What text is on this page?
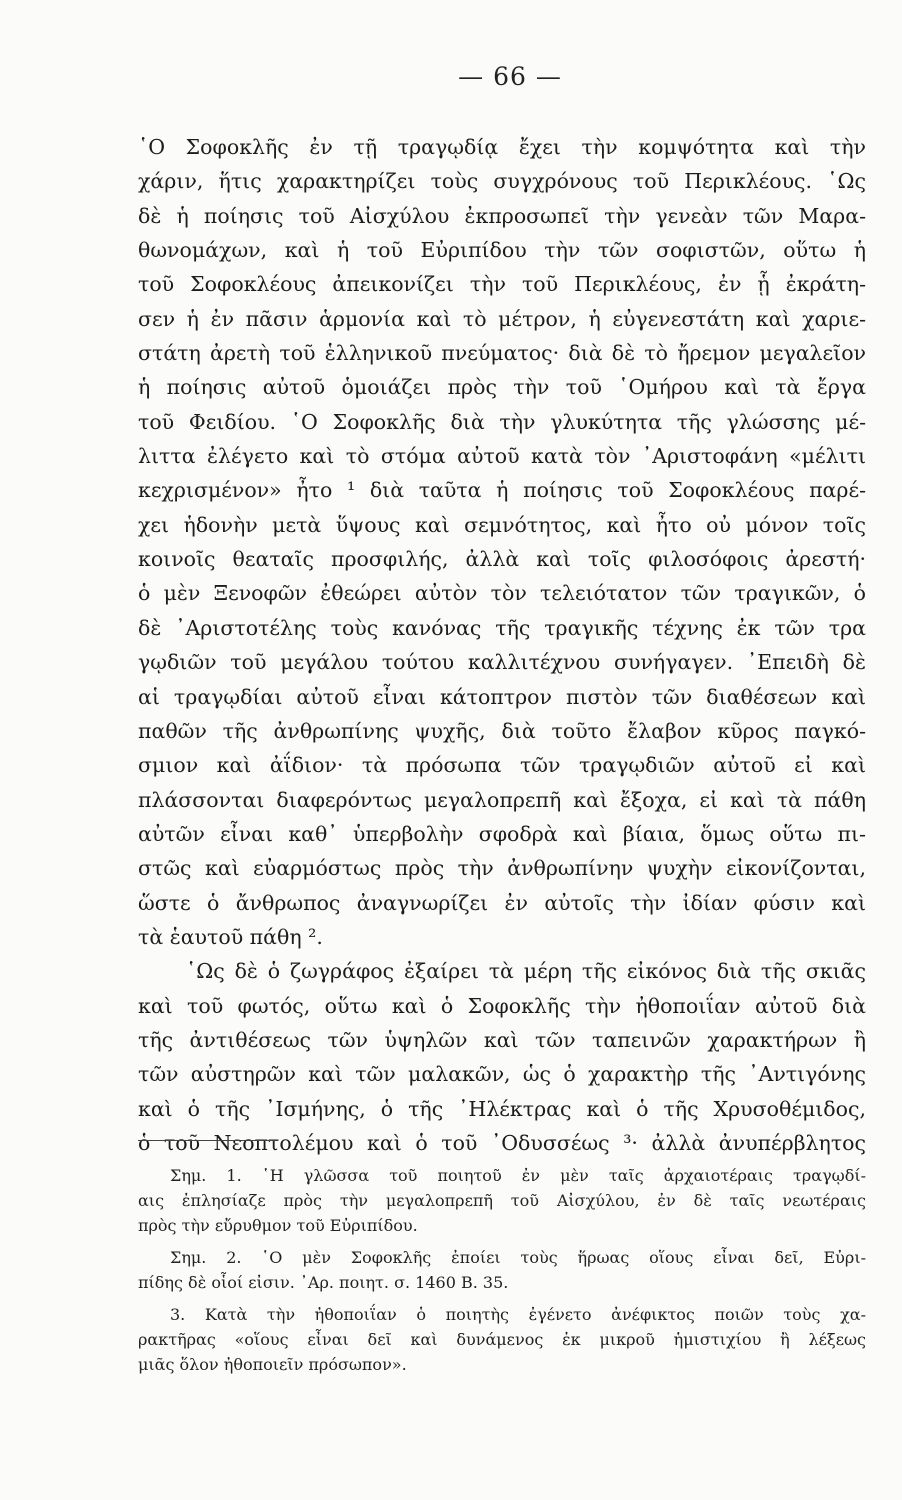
— 66 —
῾Ο Σοφοκλῆς ἐν τῇ τραγῳδίᾳ ἔχει τὴν κομψότητα καὶ τὴν
χάριν, ἥτις χαρακτηρίζει τοὺς συγχρόνους τοῦ Περικλέους. ῾Ως
δὲ ἡ ποίησις τοῦ Αἰσχύλου ἐκπροσωπεῖ τὴν γενεὰν τῶν Μαρα-
θωνομάχων, καὶ ἡ τοῦ Εὐριπίδου τὴν τῶν σοφιστῶν, οὕτω ἡ
τοῦ Σοφοκλέους ἀπεικονίζει τὴν τοῦ Περικλέους, ἐν ᾗ ἐκράτη-
σεν ἡ ἐν πᾶσιν ἁρμονία καὶ τὸ μέτρον, ἡ εὐγενεστάτη καὶ χαριε-
στάτη ἀρετὴ τοῦ ἑλληνικοῦ πνεύματος· διὰ δὲ τὸ ἤρεμον μεγαλεῖον
ἡ ποίησις αὐτοῦ ὁμοιάζει πρὸς τὴν τοῦ ῾Ομήρου καὶ τὰ ἔργα
τοῦ Φειδίου. ῾Ο Σοφοκλῆς διὰ τὴν γλυκύτητα τῆς γλώσσης μέ-
λιττα ἐλέγετο καὶ τὸ στόμα αὐτοῦ κατὰ τὸν ᾿Αριστοφάνη «μέλιτι
κεχρισμένον» ἦτο ¹ διὰ ταῦτα ἡ ποίησις τοῦ Σοφοκλέους παρέ-
χει ἡδονὴν μετὰ ὕψους καὶ σεμνότητος, καὶ ἦτο οὐ μόνον τοῖς
κοινοῖς θεαταῖς προσφιλής, ἀλλὰ καὶ τοῖς φιλοσόφοις ἀρεστή·
ὁ μὲν Ξενοφῶν ἐθεώρει αὐτὸν τὸν τελειότατον τῶν τραγικῶν, ὁ
δὲ ᾿Αριστοτέλης τοὺς κανόνας τῆς τραγικῆς τέχνης ἐκ τῶν τρα
γῳδιῶν τοῦ μεγάλου τούτου καλλιτέχνου συνήγαγεν. ᾿Επειδὴ δὲ
αἱ τραγῳδίαι αὐτοῦ εἶναι κάτοπτρον πιστὸν τῶν διαθέσεων καὶ
παθῶν τῆς ἀνθρωπίνης ψυχῆς, διὰ τοῦτο ἔλαβον κῦρος παγκό-
σμιον καὶ ἀΐδιον· τὰ πρόσωπα τῶν τραγῳδιῶν αὐτοῦ εἰ καὶ
πλάσσονται διαφερόντως μεγαλοπρεπῆ καὶ ἔξοχα, εἰ καὶ τὰ πάθη
αὐτῶν εἶναι καθ᾿ ὑπερβολὴν σφοδρὰ καὶ βίαια, ὅμως οὕτω πι-
στῶς καὶ εὐαρμόστως πρὸς τὴν ἀνθρωπίνην ψυχὴν εἰκονίζονται,
ὥστε ὁ ἄνθρωπος ἀναγνωρίζει ἐν αὐτοῖς τὴν ἰδίαν φύσιν καὶ
τὰ ἑαυτοῦ πάθη ².
῾Ως δὲ ὁ ζωγράφος ἐξαίρει τὰ μέρη τῆς εἰκόνος διὰ τῆς σκιᾶς
καὶ τοῦ φωτός, οὕτω καὶ ὁ Σοφοκλῆς τὴν ἠθοποιΐαν αὐτοῦ διὰ
τῆς ἀντιθέσεως τῶν ὑψηλῶν καὶ τῶν ταπεινῶν χαρακτήρων ἢ
τῶν αὐστηρῶν καὶ τῶν μαλακῶν, ὡς ὁ χαρακτὴρ τῆς ᾿Αντιγόνης
καὶ ὁ τῆς ᾿Ισμήνης, ὁ τῆς ᾿Ηλέκτρας καὶ ὁ τῆς Χρυσοθέμιδος,
ὁ τοῦ Νεοπτολέμου καὶ ὁ τοῦ ᾿Οδυσσέως ³· ἀλλὰ ἀνυπέρβλητος
Σημ. 1. ῾Η γλῶσσα τοῦ ποιητοῦ ἐν μὲν ταῖς ἀρχαιοτέραις τραγῳδί-
αις ἐπλησίαζε πρὸς τὴν μεγαλοπρεπῆ τοῦ Αἰσχύλου, ἐν δὲ ταῖς νεωτέραις
πρὸς τὴν εὔρυθμον τοῦ Εὐριπίδου.
Σημ. 2. ῾Ο μὲν Σοφοκλῆς ἐποίει τοὺς ἥρωας οἵους εἶναι δεῖ, Εὐρι-
πίδης δὲ οἷοί εἰσιν. ᾿Αρ. ποιητ. σ. 1460 Β. 35.
3. Κατὰ τὴν ἠθοποιΐαν ὁ ποιητὴς ἐγένετο ἀνέφικτος ποιῶν τοὺς χα-
ρακτῆρας «οἵους εἶναι δεῖ καὶ δυνάμενος ἐκ μικροῦ ἡμιστιχίου ἢ λέξεως
μιᾶς ὅλον ἠθοποιεῖν πρόσωπον».
